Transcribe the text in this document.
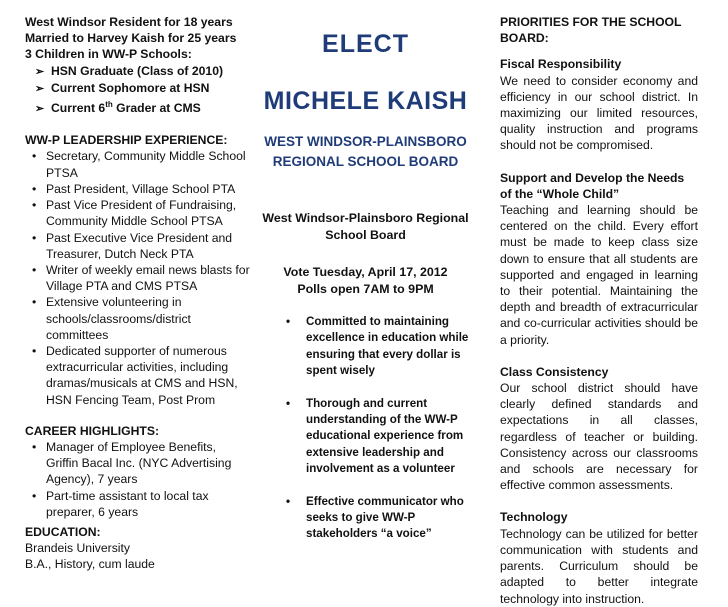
West Windsor Resident for 18 years
Married to Harvey Kaish for 25 years
3 Children in WW-P Schools:
➢ HSN Graduate (Class of 2010)
➢ Current Sophomore at HSN
➢ Current 6th Grader at CMS
WW-P LEADERSHIP EXPERIENCE:
• Secretary, Community Middle School PTSA
• Past President, Village School PTA
• Past Vice President of Fundraising, Community Middle School PTSA
• Past Executive Vice President and Treasurer, Dutch Neck PTA
• Writer of weekly email news blasts for Village PTA and CMS PTSA
• Extensive volunteering in schools/classrooms/district committees
• Dedicated supporter of numerous extracurricular activities, including dramas/musicals at CMS and HSN, HSN Fencing Team, Post Prom
CAREER HIGHLIGHTS:
• Manager of Employee Benefits, Griffin Bacal Inc. (NYC Advertising Agency), 7 years
• Part-time assistant to local tax preparer, 6 years
EDUCATION:
Brandeis University
B.A., History, cum laude
ELECT
MICHELE KAISH
WEST WINDSOR-PLAINSBORO
REGIONAL SCHOOL BOARD
West Windsor-Plainsboro Regional
School Board
Vote Tuesday, April 17, 2012
Polls open 7AM to 9PM
• Committed to maintaining excellence in education while ensuring that every dollar is spent wisely
• Thorough and current understanding of the WW-P educational experience from extensive leadership and involvement as a volunteer
• Effective communicator who seeks to give WW-P stakeholders “a voice”
PRIORITIES FOR THE SCHOOL BOARD:
Fiscal Responsibility
We need to consider economy and efficiency in our school district. In maximizing our limited resources, quality instruction and programs should not be compromised.
Support and Develop the Needs of the “Whole Child”
Teaching and learning should be centered on the child. Every effort must be made to keep class size down to ensure that all students are supported and engaged in learning to their potential. Maintaining the depth and breadth of extracurricular and co-curricular activities should be a priority.
Class Consistency
Our school district should have clearly defined standards and expectations in all classes, regardless of teacher or building. Consistency across our classrooms and schools are necessary for effective common assessments.
Technology
Technology can be utilized for better communication with students and parents. Curriculum should be adapted to better integrate technology into instruction.
